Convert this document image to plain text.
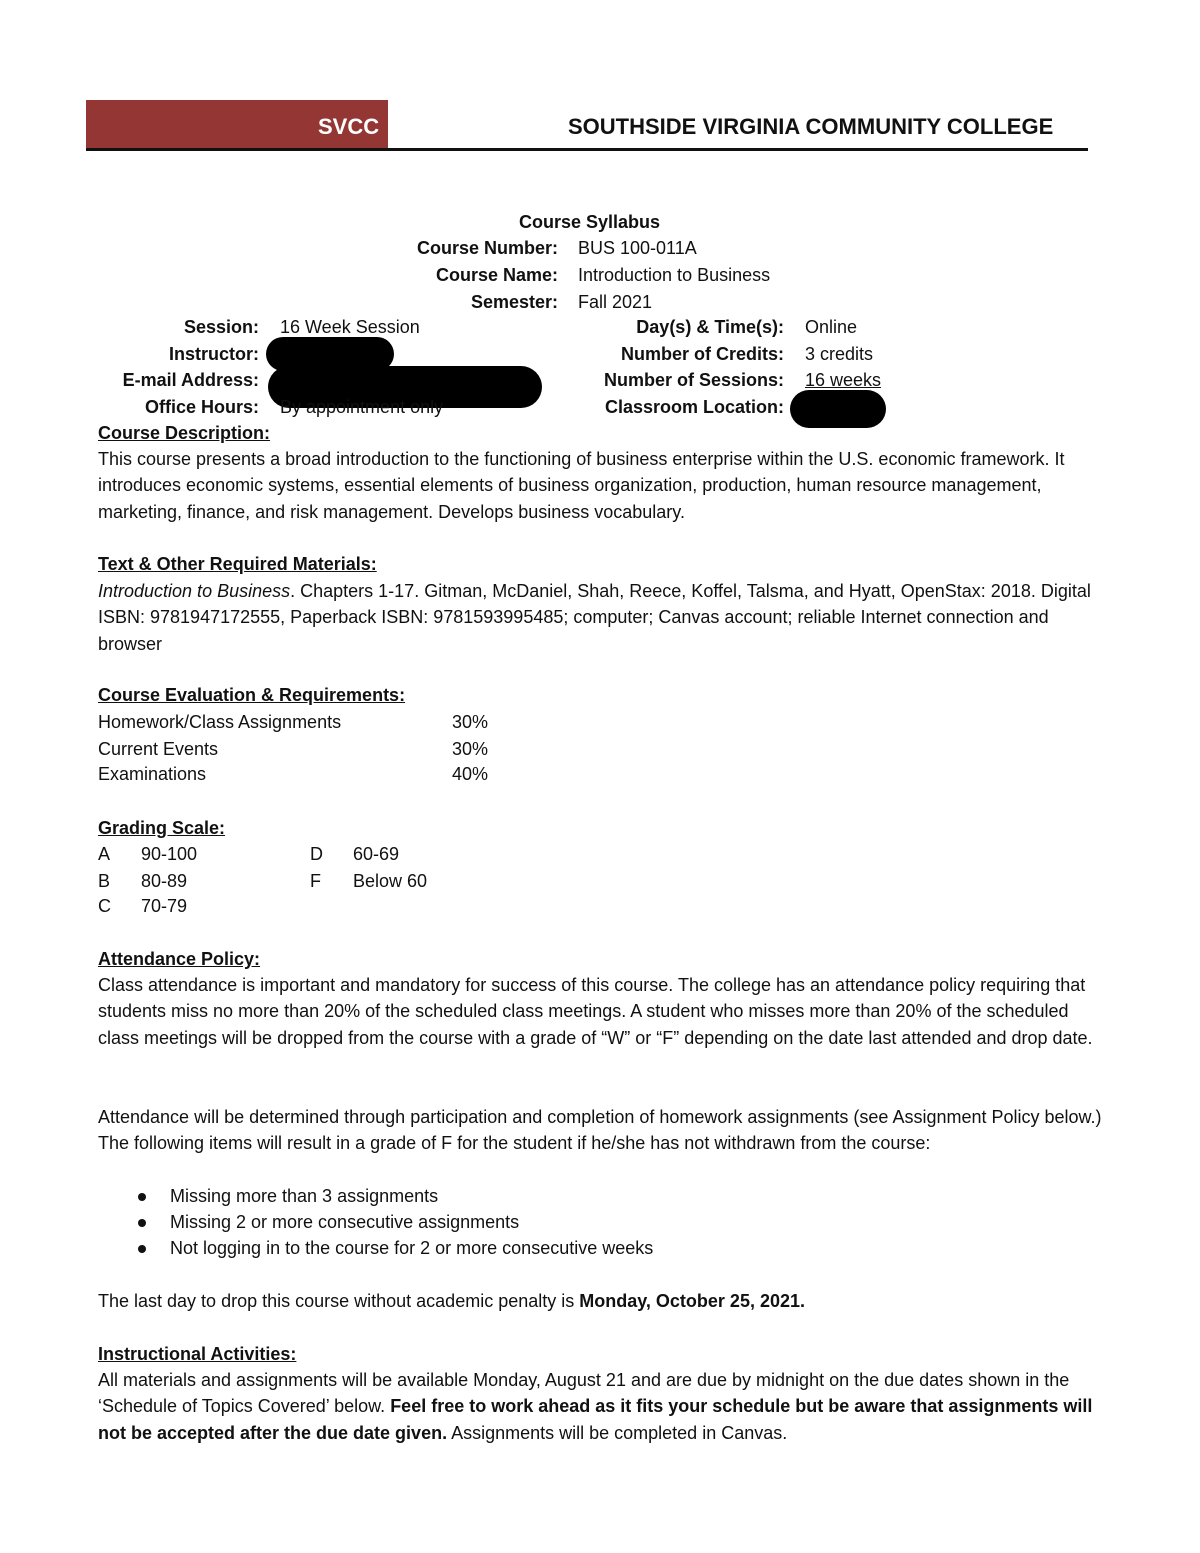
SVCC	SOUTHSIDE VIRGINIA COMMUNITY COLLEGE
Course Syllabus
Course Number: BUS 100-011A
Course Name: Introduction to Business
Semester: Fall 2021
Session: 16 Week Session
Instructor:
E-mail Address:
Office Hours: By appointment only
Day(s) & Time(s): Online
Number of Credits: 3 credits
Number of Sessions: 16 weeks
Classroom Location:
Course Description:
This course presents a broad introduction to the functioning of business enterprise within the U.S. economic framework. It introduces economic systems, essential elements of business organization, production, human resource management, marketing, finance, and risk management. Develops business vocabulary.
Text & Other Required Materials:
Introduction to Business. Chapters 1-17. Gitman, McDaniel, Shah, Reece, Koffel, Talsma, and Hyatt, OpenStax: 2018. Digital ISBN: 9781947172555, Paperback ISBN: 9781593995485; computer; Canvas account; reliable Internet connection and browser
Course Evaluation & Requirements:
Homework/Class Assignments	30%
Current Events	30%
Examinations	40%
Grading Scale:
A 90-100
B 80-89
C 70-79
D 60-69
F Below 60
Attendance Policy:
Class attendance is important and mandatory for success of this course. The college has an attendance policy requiring that students miss no more than 20% of the scheduled class meetings. A student who misses more than 20% of the scheduled class meetings will be dropped from the course with a grade of “W” or “F” depending on the date last attended and drop date.
Attendance will be determined through participation and completion of homework assignments (see Assignment Policy below.) The following items will result in a grade of F for the student if he/she has not withdrawn from the course:
Missing more than 3 assignments
Missing 2 or more consecutive assignments
Not logging in to the course for 2 or more consecutive weeks
The last day to drop this course without academic penalty is Monday, October 25, 2021.
Instructional Activities:
All materials and assignments will be available Monday, August 21 and are due by midnight on the due dates shown in the ‘Schedule of Topics Covered’ below. Feel free to work ahead as it fits your schedule but be aware that assignments will not be accepted after the due date given. Assignments will be completed in Canvas.
